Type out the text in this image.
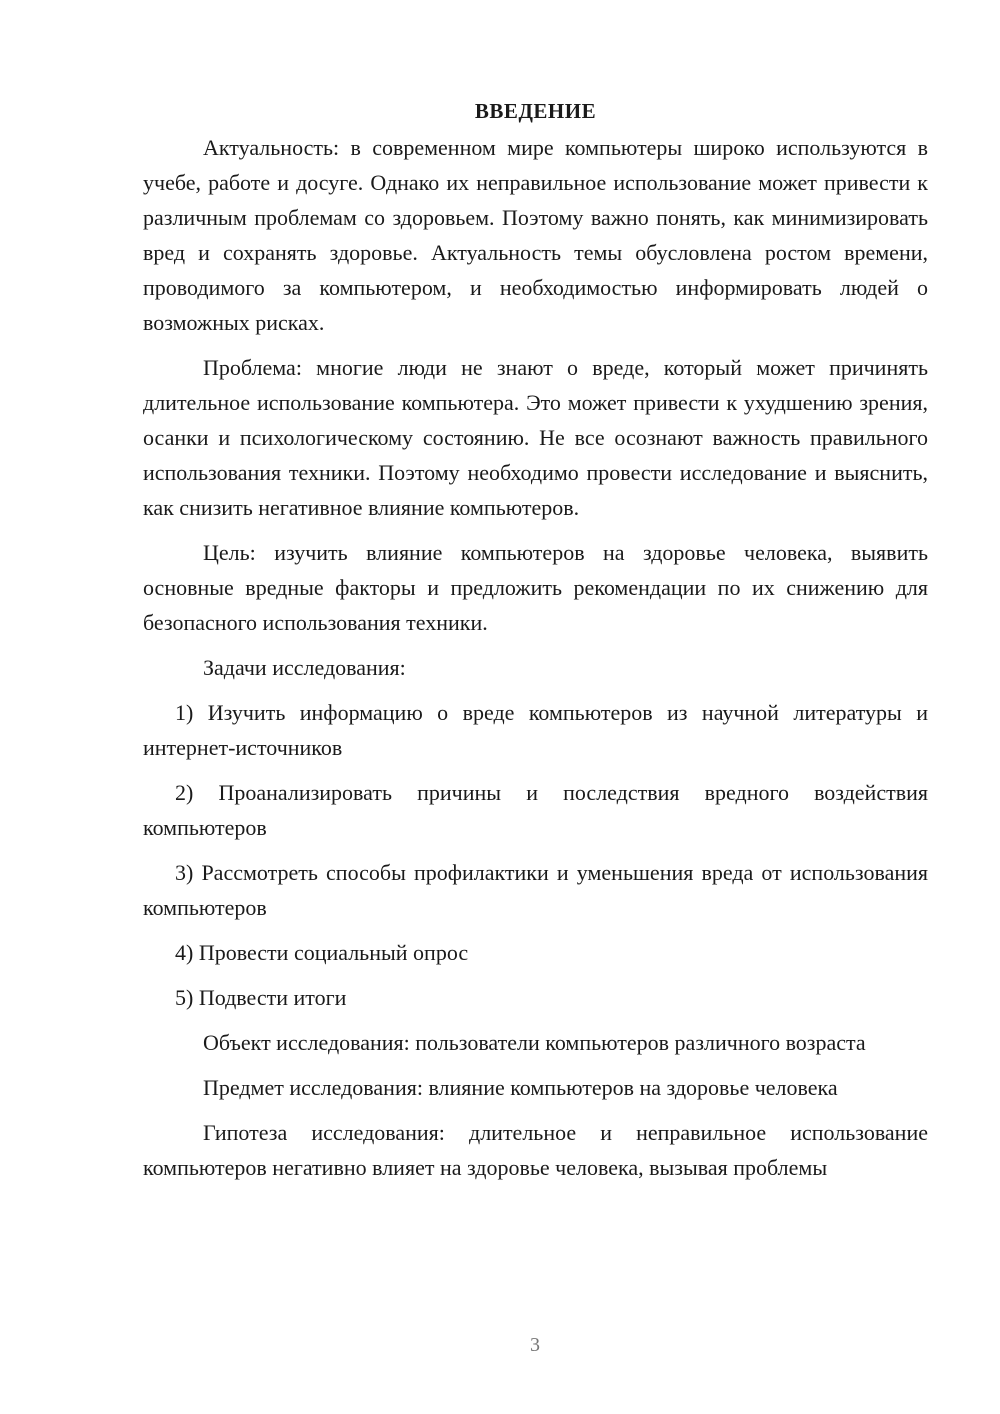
ВВЕДЕНИЕ

Актуальность: в современном мире компьютеры широко используются в учебе, работе и досуге. Однако их неправильное использование может привести к различным проблемам со здоровьем. Поэтому важно понять, как минимизировать вред и сохранять здоровье. Актуальность темы обусловлена ростом времени, проводимого за компьютером, и необходимостью информировать людей о возможных рисках.

Проблема: многие люди не знают о вреде, который может причинять длительное использование компьютера. Это может привести к ухудшению зрения, осанки и психологическому состоянию. Не все осознают важность правильного использования техники. Поэтому необходимо провести исследование и выяснить, как снизить негативное влияние компьютеров.

Цель: изучить влияние компьютеров на здоровье человека, выявить основные вредные факторы и предложить рекомендации по их снижению для безопасного использования техники.

Задачи исследования:

1) Изучить информацию о вреде компьютеров из научной литературы и интернет-источников

2) Проанализировать причины и последствия вредного воздействия компьютеров

3) Рассмотреть способы профилактики и уменьшения вреда от использования компьютеров

4) Провести социальный опрос

5) Подвести итоги

Объект исследования: пользователи компьютеров различного возраста

Предмет исследования: влияние компьютеров на здоровье человека

Гипотеза исследования: длительное и неправильное использование компьютеров негативно влияет на здоровье человека, вызывая проблемы

3
